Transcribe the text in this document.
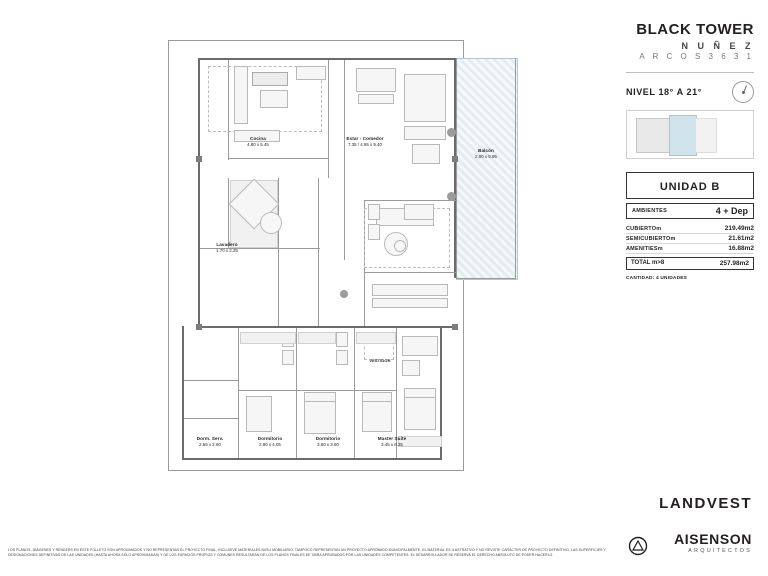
Cocina
4.80 x 5.45
Estar - Comedor
7.35 / 4.95 x 9.40
Balcón
2.00 x 9.95
Lavadero
1.70 x 2.25
Dorm. Serv.
2.55 x 2.60
Dormitorio
2.90 x 4.05
Dormitorio
3.60 x 3.60
Master Suite
3.45 x 6.35
VESTIDOR
BLACK TOWER
N U Ñ E Z
A R C O S 3 6 3 1
NIVEL 18° A 21°
UNIDAD B
AMBIENTES	4 + Dep
CUBIERTOm	219.49m2
SEMICUBIERTOm	21.61m2
AMENITIESm	16.88m2
TOTAL m>8	257.98m2
CANTIDAD: 4 UNIDADES
LANDVEST
AISENSON
ARQUITECTOS
LOS PLANOS, IMÁGENES Y RENDERS EN ESTE FOLLETO SON APROXIMADOS Y NO REPRESENTAN EL PROYECTO FINAL, INCLUSIVE MATERIALES NI/SU MOBILIARIO, TAMPOCO REPRESENTAN UN PROYECTO APROBADO MUNICIPALMENTE. EL MATERIAL ES ILUSTRATIVO Y NO REVISTE CARÁCTER DE PROYECTO DEFINITIVO, LAS SUPERFICIES Y DESIGNACIONES DEFINITIVAS DE LAS UNIDADES (HASTA AHORA SÓLO APROXIMADAS) Y DE LOS ESPACIOS PROPIOS Y COMUNES RESULTARÁN DE LOS PLANOS FINALES DE OBRA APROBADOS POR LAS UNIDADES COMPETENTES. EL DESARROLLADOR SE RESERVA EL DERECHO ABSOLUTO DE PODER HACERLO.
